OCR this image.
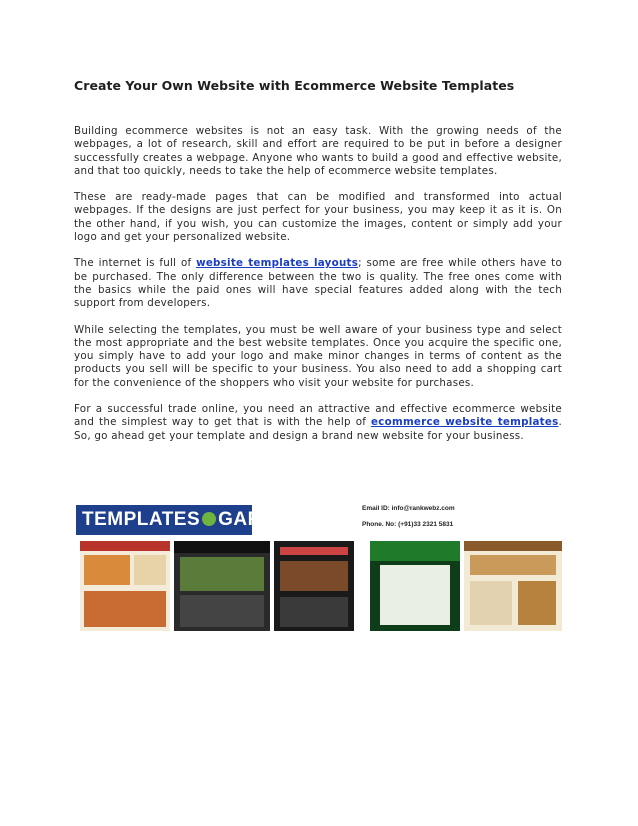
Create Your Own Website with Ecommerce Website Templates

Building ecommerce websites is not an easy task. With the growing needs of the webpages, a lot of research, skill and effort are required to be put in before a designer successfully creates a webpage. Anyone who wants to build a good and effective website, and that too quickly, needs to take the help of ecommerce website templates.

These are ready-made pages that can be modified and transformed into actual webpages. If the designs are just perfect for your business, you may keep it as it is. On the other hand, if you wish, you can customize the images, content or simply add your logo and get your personalized website.

The internet is full of website templates layouts; some are free while others have to be purchased. The only difference between the two is quality. The free ones come with the basics while the paid ones will have special features added along with the tech support from developers.

While selecting the templates, you must be well aware of your business type and select the most appropriate and the best website templates. Once you acquire the specific one, you simply have to add your logo and make minor changes in terms of content as the products you sell will be specific to your business. You also need to add a shopping cart for the convenience of the shoppers who visit your website for purchases.

For a successful trade online, you need an attractive and effective ecommerce website and the simplest way to get that is with the help of ecommerce website templates. So, go ahead get your template and design a brand new website for your business.

TEMPLATES GARDEN
Email ID: info@rankwebz.com
Phone. No: (+91)33 2321 5831
